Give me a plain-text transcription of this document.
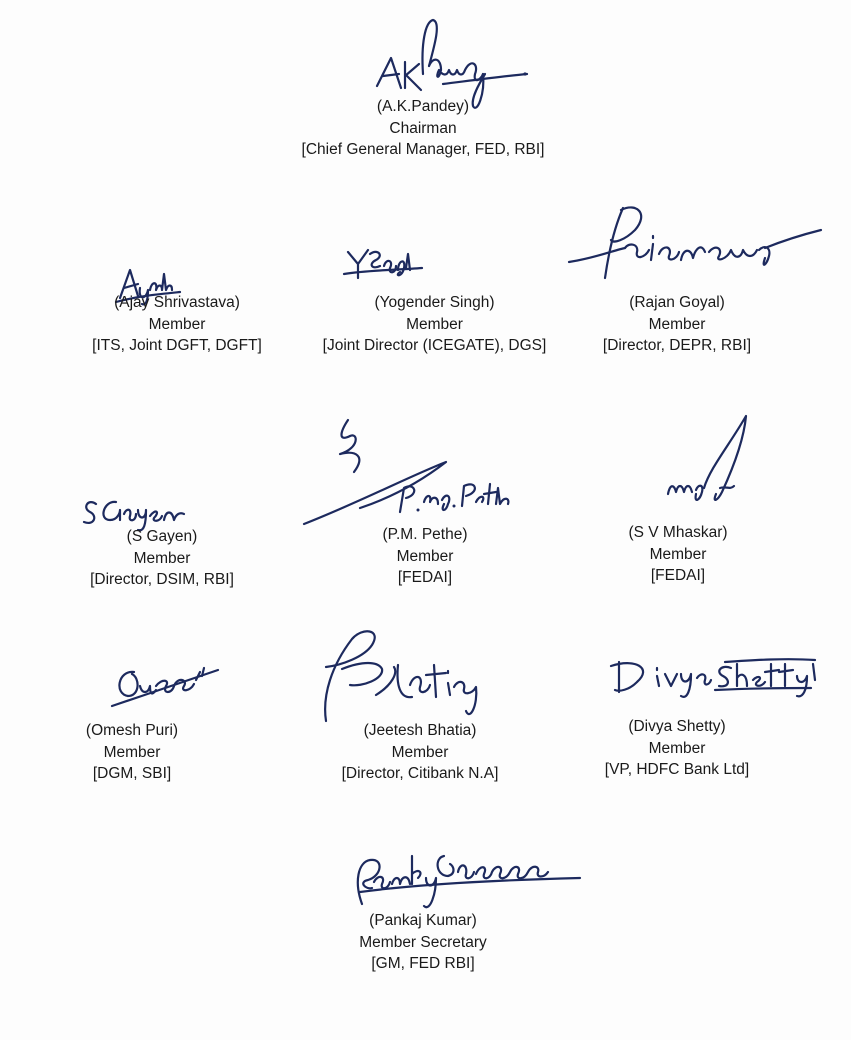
(A.K.Pandey)
Chairman
[Chief General Manager, FED, RBI]
(Ajay Shrivastava)
Member
[ITS, Joint DGFT, DGFT]
(Yogender Singh)
Member
[Joint Director (ICEGATE), DGS]
(Rajan Goyal)
Member
[Director, DEPR, RBI]
(S Gayen)
Member
[Director, DSIM, RBI]
(P.M. Pethe)
Member
[FEDAI]
(S V Mhaskar)
Member
[FEDAI]
(Omesh Puri)
Member
[DGM, SBI]
(Jeetesh Bhatia)
Member
[Director, Citibank N.A]
(Divya Shetty)
Member
[VP, HDFC Bank Ltd]
(Pankaj Kumar)
Member Secretary
[GM, FED RBI]
